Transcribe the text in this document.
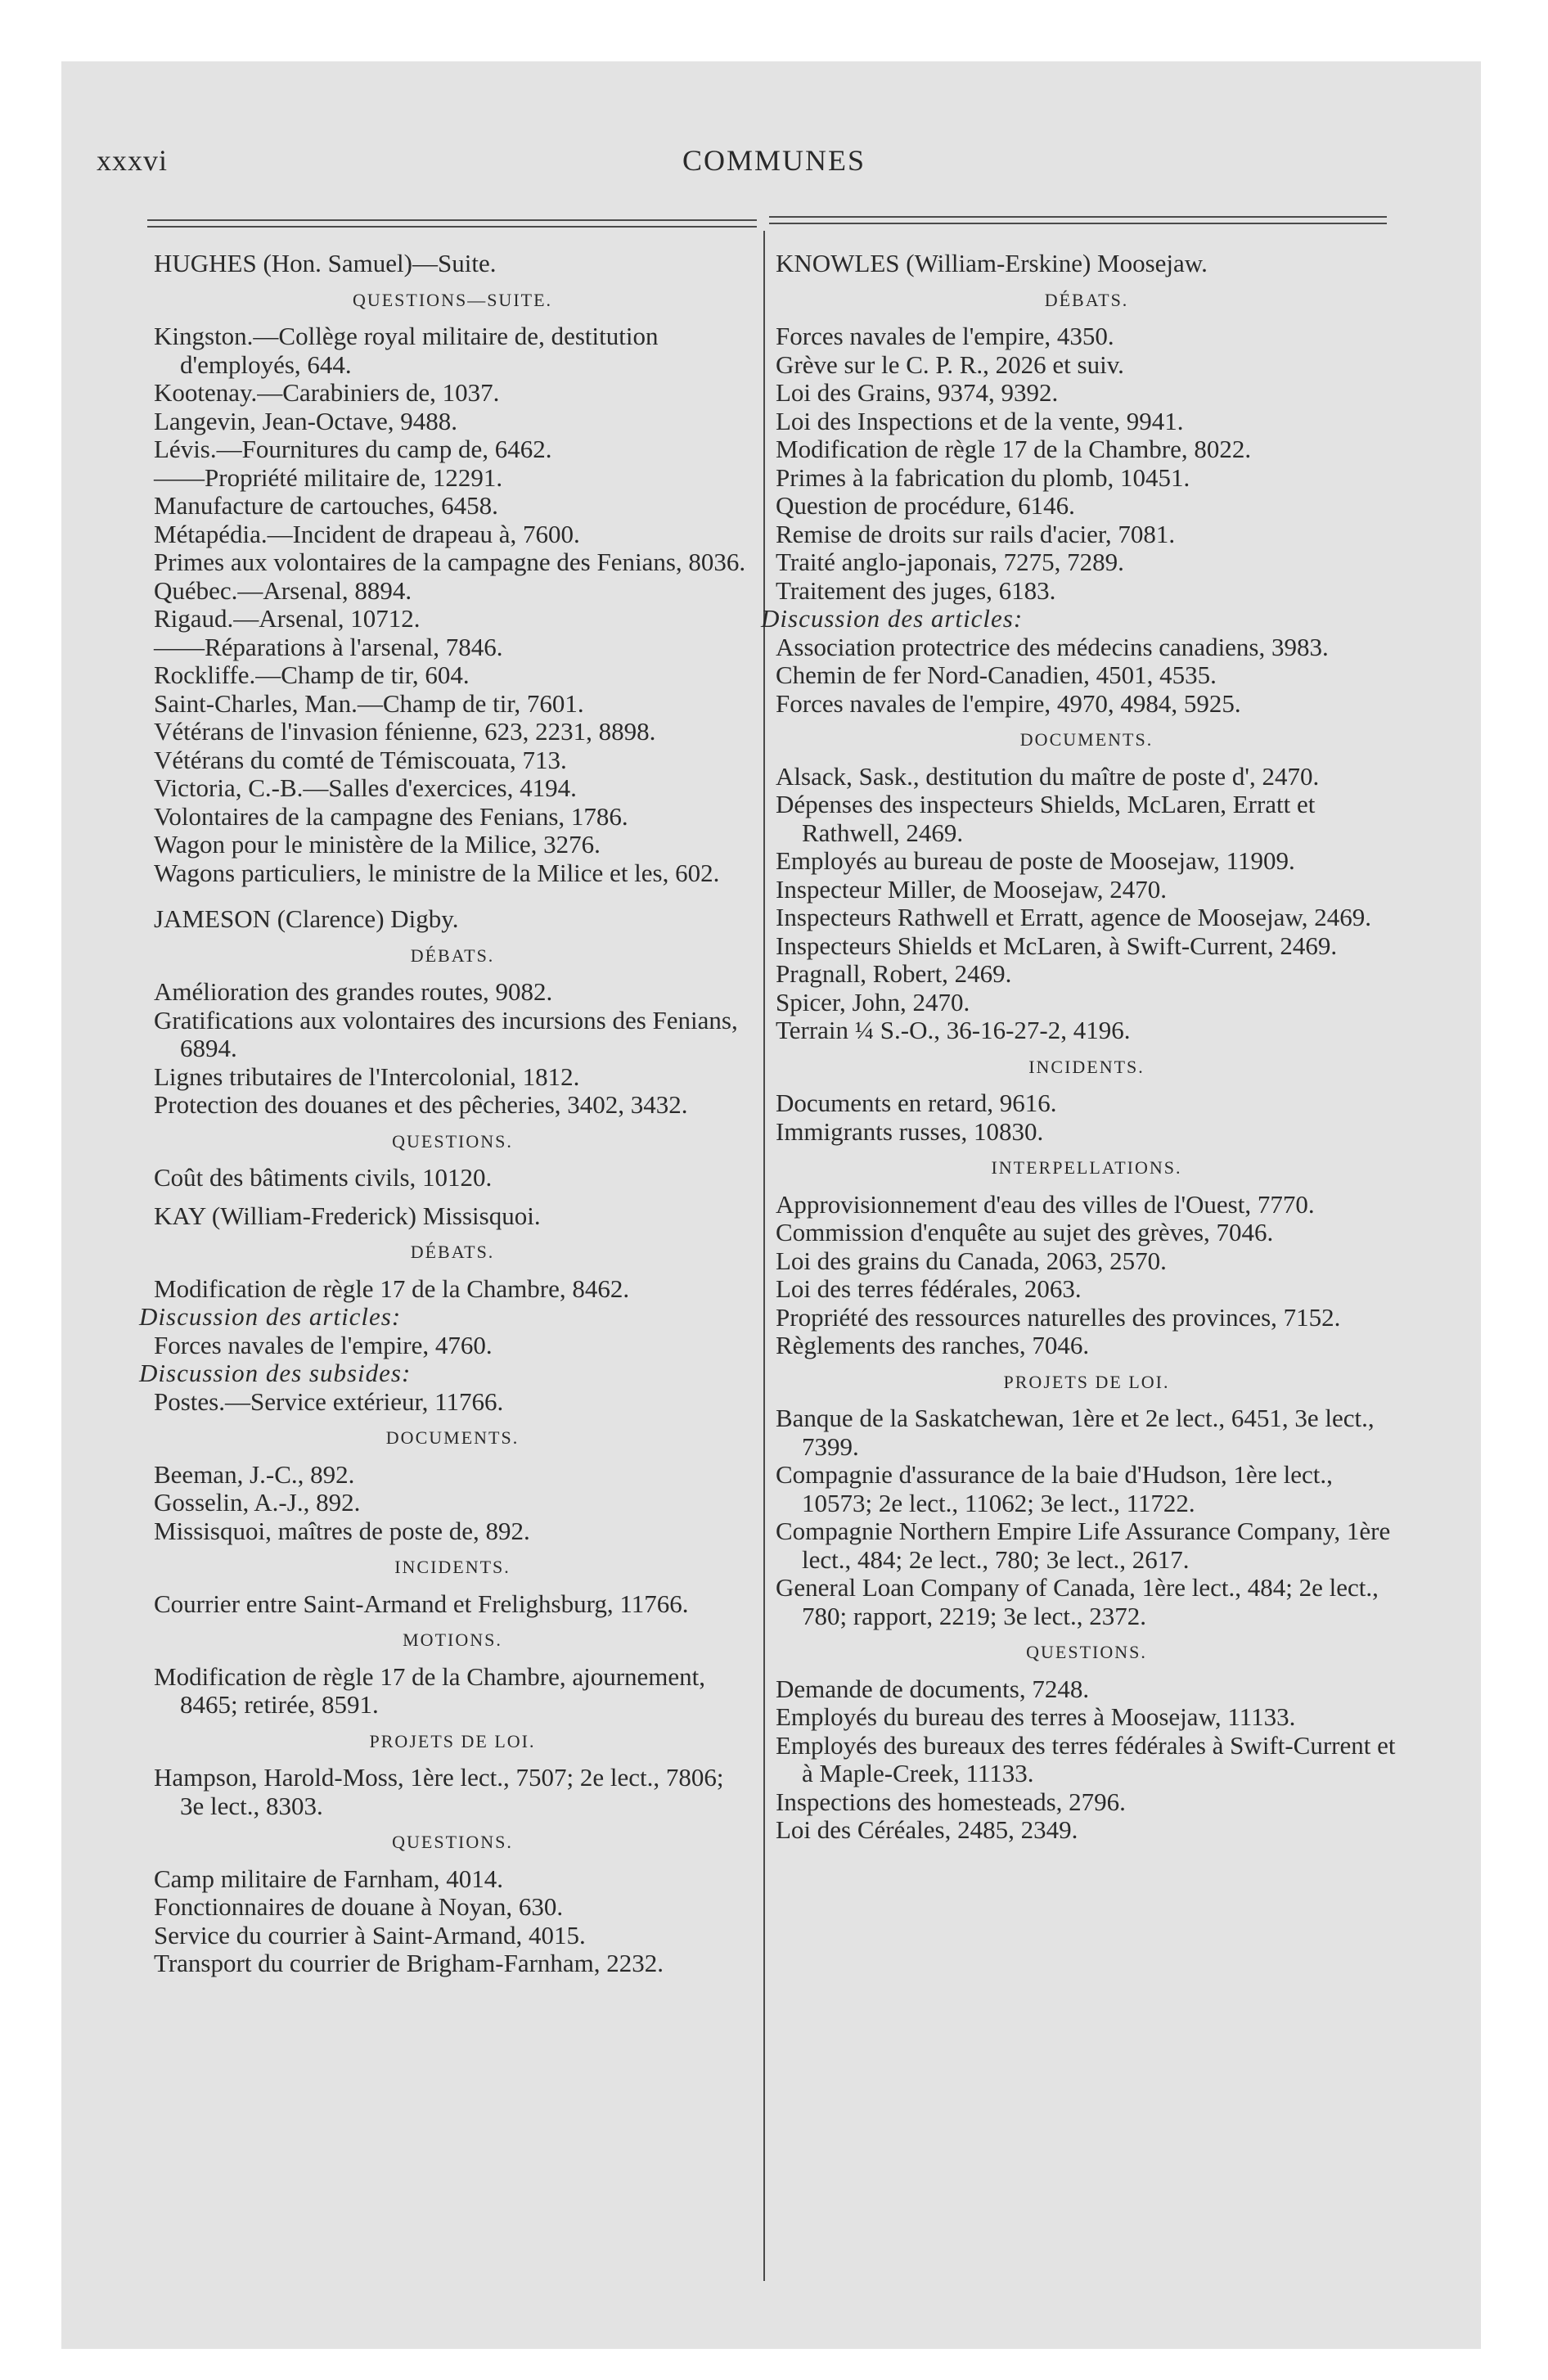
xxxvi	COMMUNES
HUGHES (Hon. Samuel)—Suite.
QUESTIONS—SUITE.
Kingston.—Collège royal militaire de, destitution d'employés, 644.
Kootenay.—Carabiniers de, 1037.
Langevin, Jean-Octave, 9488.
Lévis.—Fournitures du camp de, 6462.
——Propriété militaire de, 12291.
Manufacture de cartouches, 6458.
Métapédia.—Incident de drapeau à, 7600.
Primes aux volontaires de la campagne des Fenians, 8036.
Québec.—Arsenal, 8894.
Rigaud.—Arsenal, 10712.
——Réparations à l'arsenal, 7846.
Rockliffe.—Champ de tir, 604.
Saint-Charles, Man.—Champ de tir, 7601.
Vétérans de l'invasion fénienne, 623, 2231, 8898.
Vétérans du comté de Témiscouata, 713.
Victoria, C.-B.—Salles d'exercices, 4194.
Volontaires de la campagne des Fenians, 1786.
Wagon pour le ministère de la Milice, 3276.
Wagons particuliers, le ministre de la Milice et les, 602.
JAMESON (Clarence) Digby.
DÉBATS.
Amélioration des grandes routes, 9082.
Gratifications aux volontaires des incursions des Fenians, 6894.
Lignes tributaires de l'Intercolonial, 1812.
Protection des douanes et des pêcheries, 3402, 3432.
QUESTIONS.
Coût des bâtiments civils, 10120.
KAY (William-Frederick) Missisquoi.
DÉBATS.
Modification de règle 17 de la Chambre, 8462.
Discussion des articles:
Forces navales de l'empire, 4760.
Discussion des subsides:
Postes.—Service extérieur, 11766.
DOCUMENTS.
Beeman, J.-C., 892.
Gosselin, A.-J., 892.
Missisquoi, maîtres de poste de, 892.
INCIDENTS.
Courrier entre Saint-Armand et Frelighsburg, 11766.
MOTIONS.
Modification de règle 17 de la Chambre, ajournement, 8465; retirée, 8591.
PROJETS DE LOI.
Hampson, Harold-Moss, 1ère lect., 7507; 2e lect., 7806; 3e lect., 8303.
QUESTIONS.
Camp militaire de Farnham, 4014.
Fonctionnaires de douane à Noyan, 630.
Service du courrier à Saint-Armand, 4015.
Transport du courrier de Brigham-Farnham, 2232.
KNOWLES (William-Erskine) Moosejaw.
DÉBATS.
Forces navales de l'empire, 4350.
Grève sur le C. P. R., 2026 et suiv.
Loi des Grains, 9374, 9392.
Loi des Inspections et de la vente, 9941.
Modification de règle 17 de la Chambre, 8022.
Primes à la fabrication du plomb, 10451.
Question de procédure, 6146.
Remise de droits sur rails d'acier, 7081.
Traité anglo-japonais, 7275, 7289.
Traitement des juges, 6183.
Discussion des articles:
Association protectrice des médecins canadiens, 3983.
Chemin de fer Nord-Canadien, 4501, 4535.
Forces navales de l'empire, 4970, 4984, 5925.
DOCUMENTS.
Alsack, Sask., destitution du maître de poste d', 2470.
Dépenses des inspecteurs Shields, McLaren, Erratt et Rathwell, 2469.
Employés au bureau de poste de Moosejaw, 11909.
Inspecteur Miller, de Moosejaw, 2470.
Inspecteurs Rathwell et Erratt, agence de Moosejaw, 2469.
Inspecteurs Shields et McLaren, à Swift-Current, 2469.
Pragnall, Robert, 2469.
Spicer, John, 2470.
Terrain ¼ S.-O., 36-16-27-2, 4196.
INCIDENTS.
Documents en retard, 9616.
Immigrants russes, 10830.
INTERPELLATIONS.
Approvisionnement d'eau des villes de l'Ouest, 7770.
Commission d'enquête au sujet des grèves, 7046.
Loi des grains du Canada, 2063, 2570.
Loi des terres fédérales, 2063.
Propriété des ressources naturelles des provinces, 7152.
Règlements des ranches, 7046.
PROJETS DE LOI.
Banque de la Saskatchewan, 1ère et 2e lect., 6451, 3e lect., 7399.
Compagnie d'assurance de la baie d'Hudson, 1ère lect., 10573; 2e lect., 11062; 3e lect., 11722.
Compagnie Northern Empire Life Assurance Company, 1ère lect., 484; 2e lect., 780; 3e lect., 2617.
General Loan Company of Canada, 1ère lect., 484; 2e lect., 780; rapport, 2219; 3e lect., 2372.
QUESTIONS.
Demande de documents, 7248.
Employés du bureau des terres à Moosejaw, 11133.
Employés des bureaux des terres fédérales à Swift-Current et à Maple-Creek, 11133.
Inspections des homesteads, 2796.
Loi des Céréales, 2485, 2349.
